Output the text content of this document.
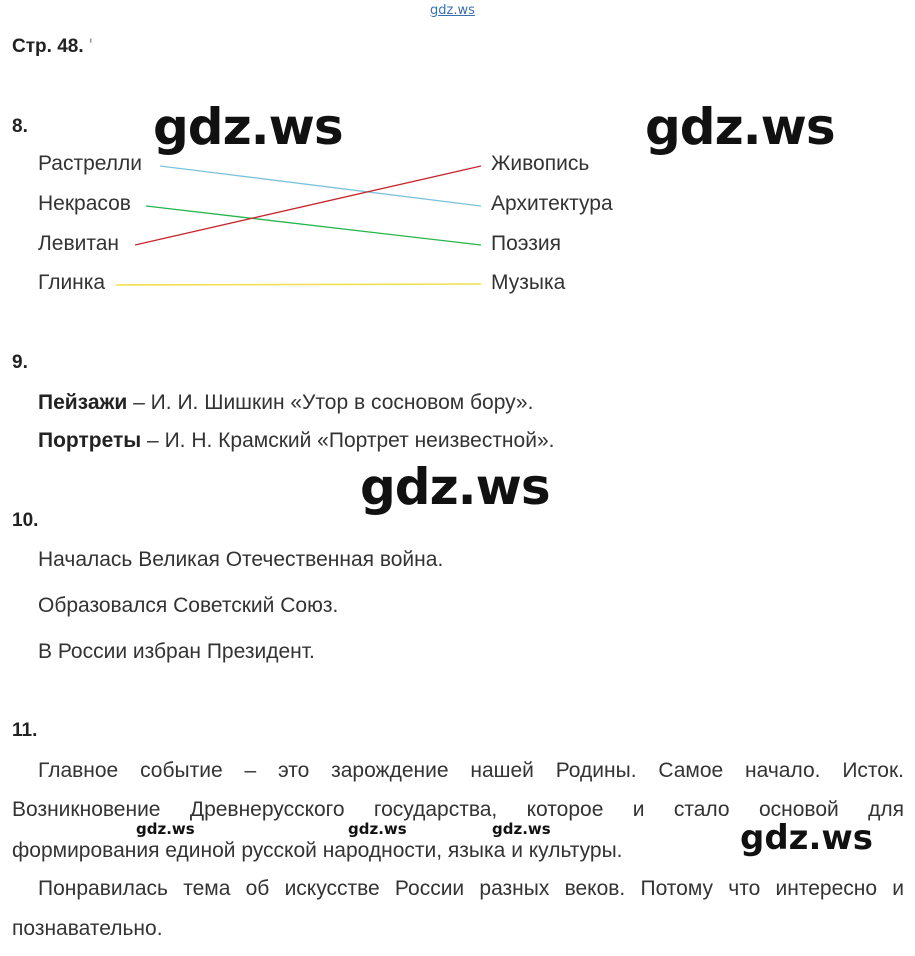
gdz.ws
Стр. 48. '
8.
Растрелли
Некрасов
Левитан
Глинка
Живопись
Архитектура
Поэзия
Музыка
gdz.ws	gdz.ws
9.
Пейзажи – И. И. Шишкин «Утор в сосновом бору».
Портреты – И. Н. Крамский «Портрет неизвестной».
gdz.ws
10.
Началась Великая Отечественная война.
Образовался Советский Союз.
В России избран Президент.
11.
Главное событие – это зарождение нашей Родины. Самое начало. Исток.
Возникновение Древнерусского государства, которое и стало основой для
gdz.ws	gdz.ws	gdz.ws
формирования единой русской народности, языка и культуры.	gdz.ws
Понравилась тема об искусстве России разных веков. Потому что интересно и
познавательно.
